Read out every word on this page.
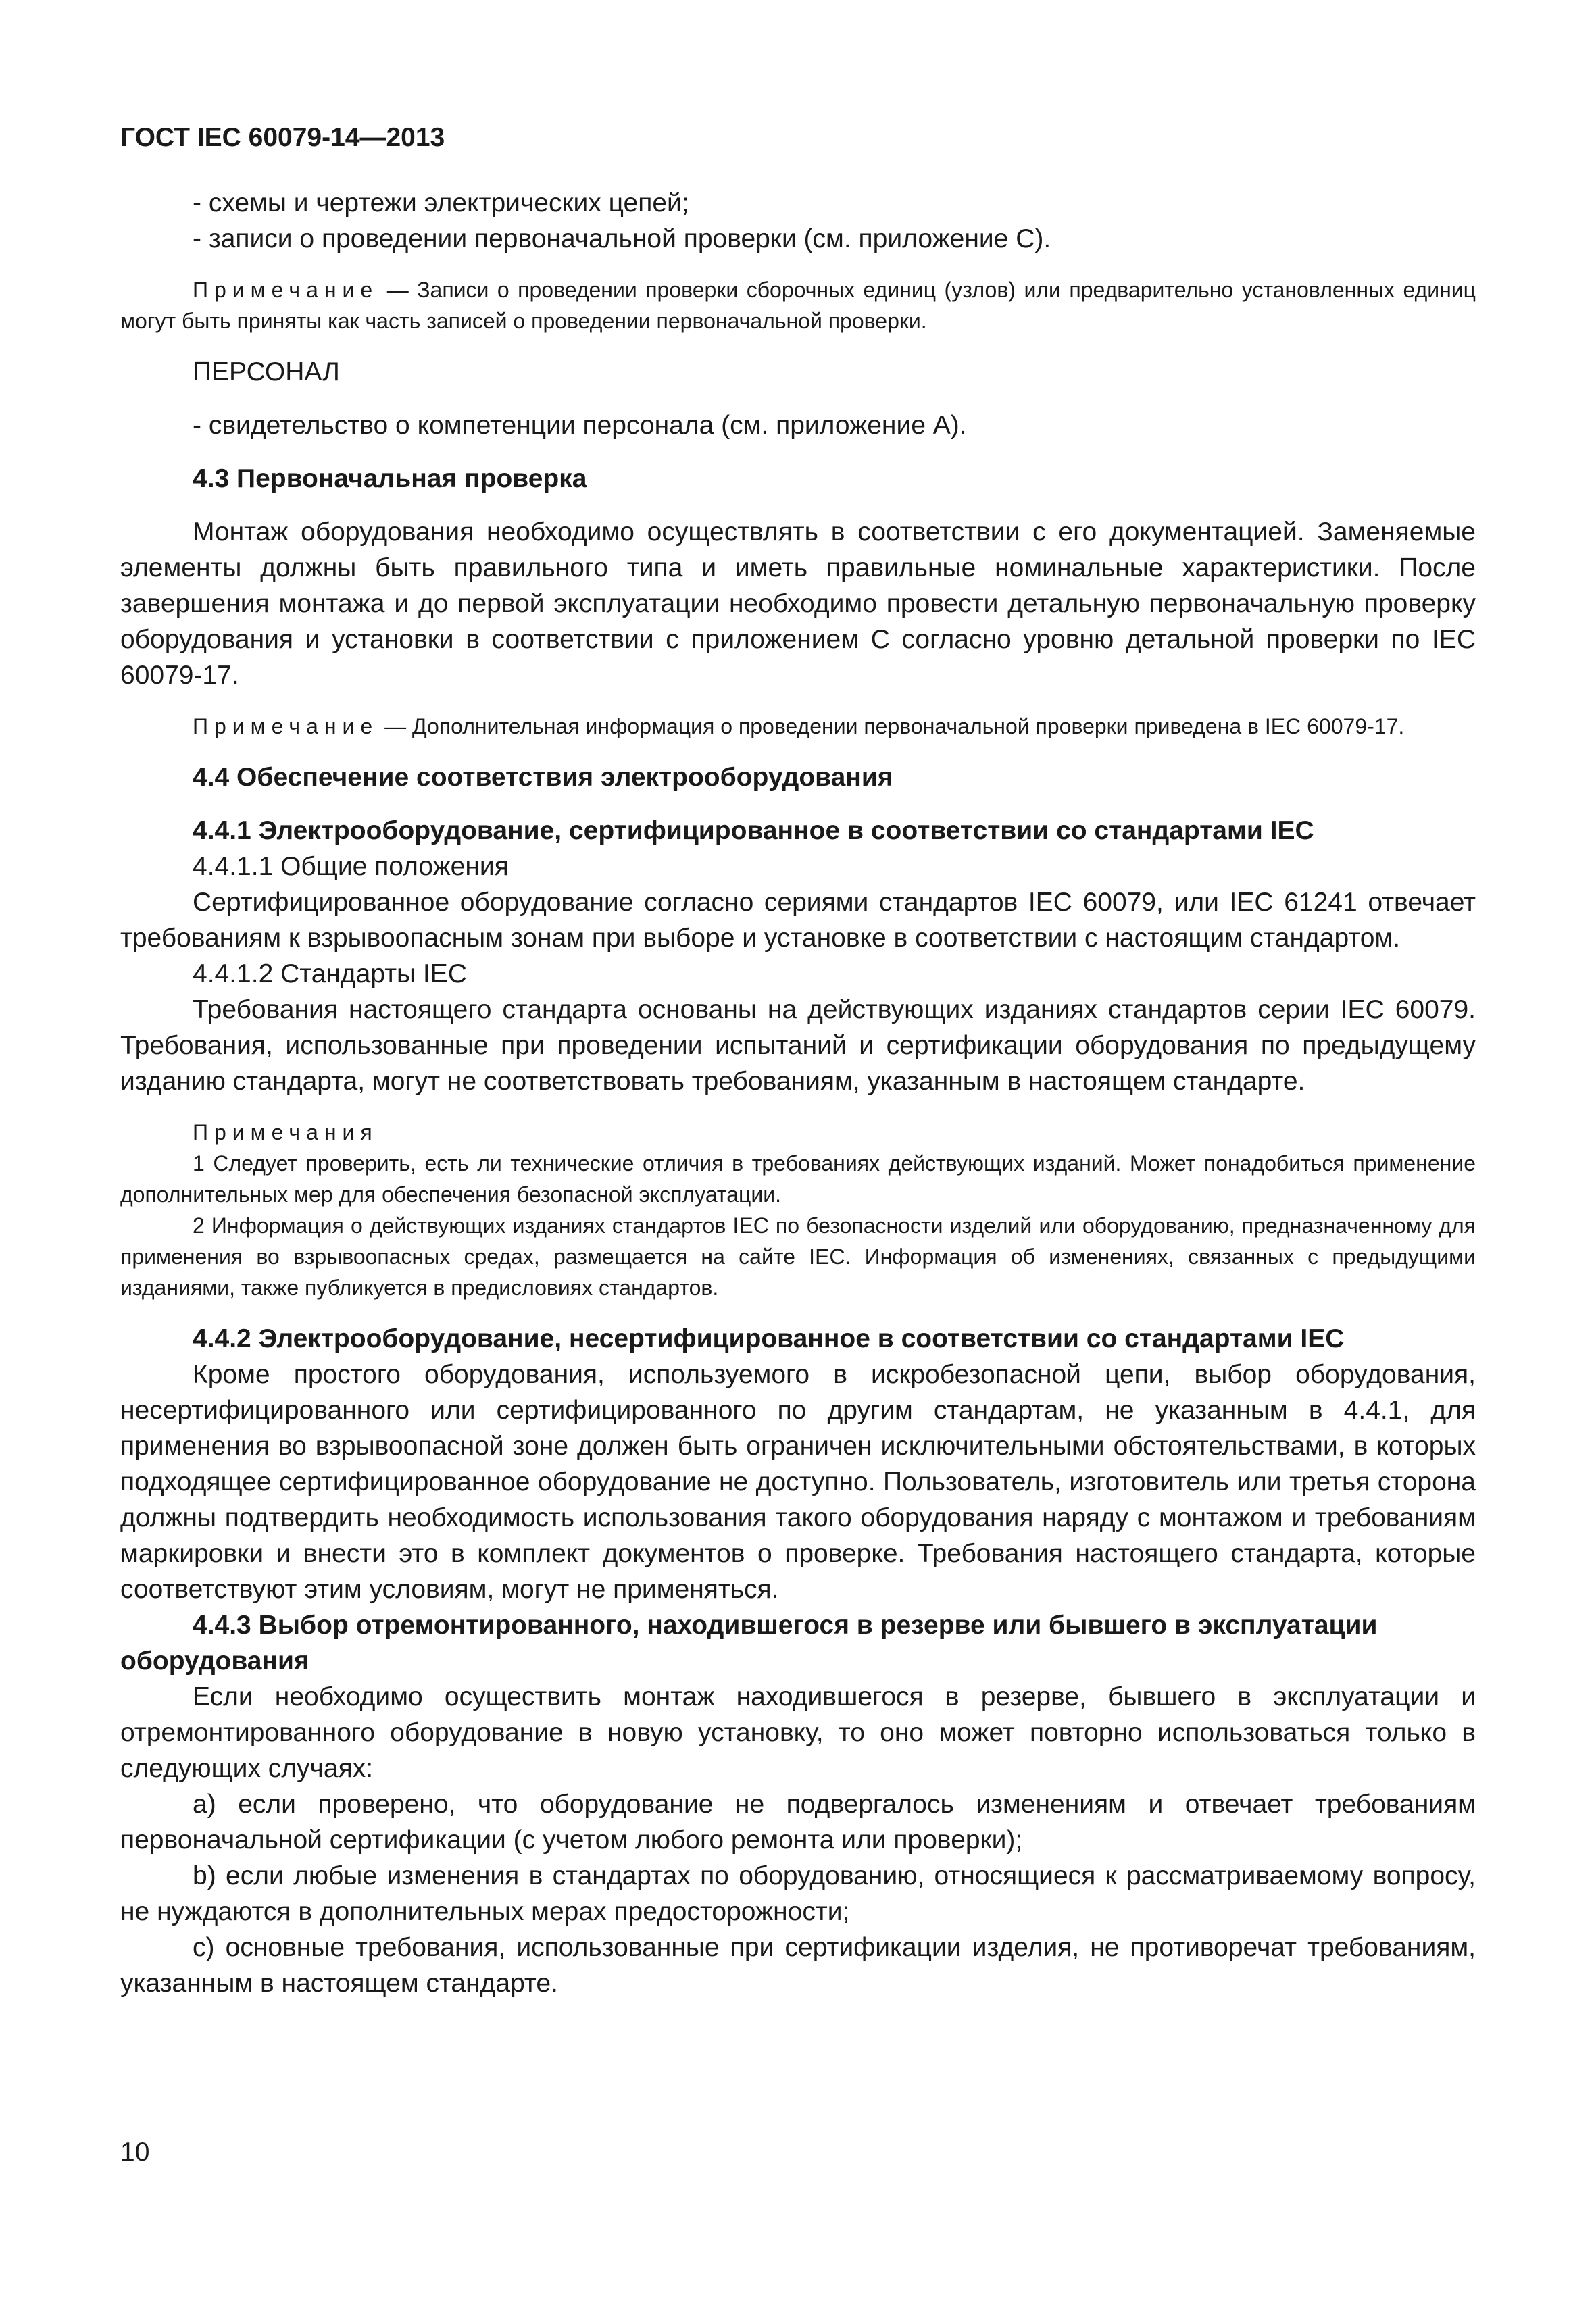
ГОСТ IEC 60079-14—2013

- схемы и чертежи электрических цепей;

- записи о проведении первоначальной проверки (см. приложение С).

Примечание — Записи о проведении проверки сборочных единиц (узлов) или предварительно установленных единиц могут быть приняты как часть записей о проведении первоначальной проверки.

ПЕРСОНАЛ

- свидетельство о компетенции персонала (см. приложение А).

4.3 Первоначальная проверка

Монтаж оборудования необходимо осуществлять в соответствии с его документацией. Заменяемые элементы должны быть правильного типа и иметь правильные номинальные характеристики. После завершения монтажа и до первой эксплуатации необходимо провести детальную первоначальную проверку оборудования и установки в соответствии с приложением С согласно уровню детальной проверки по IEC 60079-17.

Примечание — Дополнительная информация о проведении первоначальной проверки приведена в IEC 60079-17.

4.4 Обеспечение соответствия электрооборудования

4.4.1 Электрооборудование, сертифицированное в соответствии со стандартами IEC

4.4.1.1 Общие положения

Сертифицированное оборудование согласно сериями стандартов IEC 60079, или IEC 61241 отвечает требованиям к взрывоопасным зонам при выборе и установке в соответствии с настоящим стандартом.

4.4.1.2 Стандарты IEC

Требования настоящего стандарта основаны на действующих изданиях стандартов серии IEC 60079. Требования, использованные при проведении испытаний и сертификации оборудования по предыдущему изданию стандарта, могут не соответствовать требованиям, указанным в настоящем стандарте.

Примечания

1 Следует проверить, есть ли технические отличия в требованиях действующих изданий. Может понадобиться применение дополнительных мер для обеспечения безопасной эксплуатации.

2 Информация о действующих изданиях стандартов IEC по безопасности изделий или оборудованию, предназначенному для применения во взрывоопасных средах, размещается на сайте IEC. Информация об изменениях, связанных с предыдущими изданиями, также публикуется в предисловиях стандартов.

4.4.2 Электрооборудование, несертифицированное в соответствии со стандартами IEC

Кроме простого оборудования, используемого в искробезопасной цепи, выбор оборудования, несертифицированного или сертифицированного по другим стандартам, не указанным в 4.4.1, для применения во взрывоопасной зоне должен быть ограничен исключительными обстоятельствами, в которых подходящее сертифицированное оборудование не доступно. Пользователь, изготовитель или третья сторона должны подтвердить необходимость использования такого оборудования наряду с монтажом и требованиям маркировки и внести это в комплект документов о проверке. Требования настоящего стандарта, которые соответствуют этим условиям, могут не применяться.

4.4.3 Выбор отремонтированного, находившегося в резерве или бывшего в эксплуатации оборудования

Если необходимо осуществить монтаж находившегося в резерве, бывшего в эксплуатации и отремонтированного оборудование в новую установку, то оно может повторно использоваться только в следующих случаях:

а) если проверено, что оборудование не подвергалось изменениям и отвечает требованиям первоначальной сертификации (с учетом любого ремонта или проверки);

b) если любые изменения в стандартах по оборудованию, относящиеся к рассматриваемому вопросу, не нуждаются в дополнительных мерах предосторожности;

с) основные требования, использованные при сертификации изделия, не противоречат требованиям, указанным в настоящем стандарте.

10
